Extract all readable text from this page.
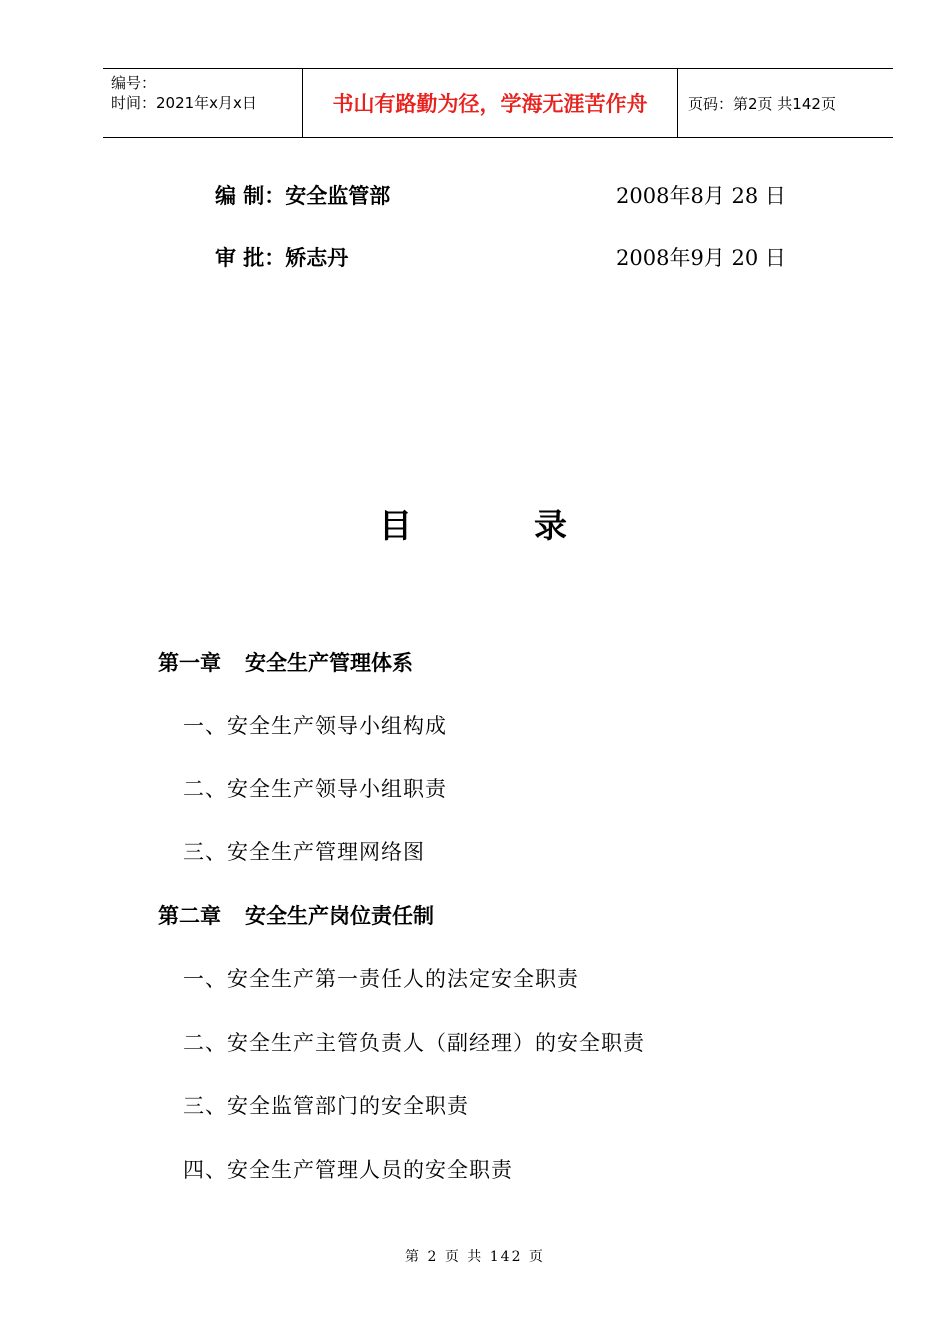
编号：
时间：2021年x月x日	书山有路勤为径，学海无涯苦作舟	页码：第2页 共142页
编 制：安全监管部	2008年8月 28 日
审 批：矫志丹	2008年9月 20 日
目	录
第一章 安全生产管理体系
一、安全生产领导小组构成
二、安全生产领导小组职责
三、安全生产管理网络图
第二章 安全生产岗位责任制
一、安全生产第一责任人的法定安全职责
二、安全生产主管负责人（副经理）的安全职责
三、安全监管部门的安全职责
四、安全生产管理人员的安全职责
第 2 页 共 142 页
